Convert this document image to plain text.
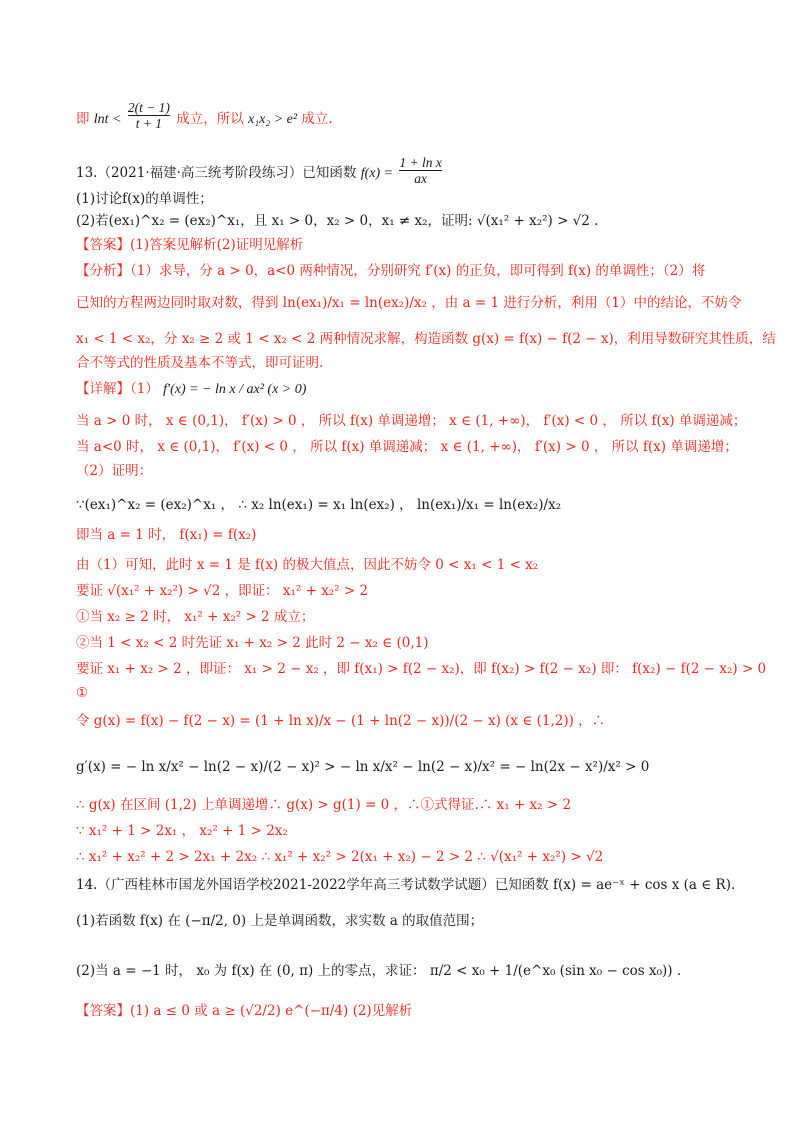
即 $\ln t < \frac{2(t - 1)}{t + 1}$ 成立，所以 x₁x₂ > e² 成立.
13.（2021·福建·高三统考阶段练习）已知函数 $f(x) = \frac{\text{1 + ln x}}{ax}$
(1)讨论f(x)的单调性；
(2)若(ex₁)^x₂ = (ex₂)^x₁，且 x₁ > 0，x₂ > 0，x₁ ≠ x₂，证明: √(x₁² + x₂²) > √2 .
【答案】(1)答案见解析(2)证明见解析
【分析】（1）求导，分 a > 0，a<0 两种情况，分别研究 f′(x) 的正负，即可得到 f(x) 的单调性；（2）将
已知的方程两边同时取对数，得到 ln(ex₁)/x₁ = ln(ex₂)/x₂ ，由 a = 1 进行分析，利用（1）中的结论，不妨令
x₁ < 1 < x₂，分 x₂ ≥ 2 或 1 < x₂ < 2 两种情况求解，构造函数 g(x) = f(x) − f(2 − x)，利用导数研究其性质，结
合不等式的性质及基本不等式，即可证明.
【详解】（1） f′(x) = − ln x / ax² (x > 0)
当 a > 0 时， x ∈ (0,1)， f′(x) > 0 ， 所以 f(x) 单调递增； x ∈ (1, +∞)， f′(x) < 0 ， 所以 f(x) 单调递减；
当 a<0 时， x ∈ (0,1)， f′(x) < 0 ， 所以 f(x) 单调递减； x ∈ (1, +∞)， f′(x) > 0 ， 所以 f(x) 单调递增；
（2）证明：
∵(ex₁)^x₂ = (ex₂)^x₁ ， ∴ x₂ ln(ex₁) = x₁ ln(ex₂) ， ln(ex₁)/x₁ = ln(ex₂)/x₂
即当 a = 1 时， f(x₁) = f(x₂)
由（1）可知，此时 x = 1 是 f(x) 的极大值点，因此不妨令 0 < x₁ < 1 < x₂
要证 √(x₁² + x₂²) > √2 ，即证： x₁² + x₂² > 2
①当 x₂ ≥ 2 时， x₁² + x₂² > 2 成立；
②当 1 < x₂ < 2 时先证 x₁ + x₂ > 2 此时 2 − x₂ ∈ (0,1)
要证 x₁ + x₂ > 2 ，即证： x₁ > 2 − x₂ ，即 f(x₁) > f(2 − x₂)，即 f(x₂) > f(2 − x₂) 即： f(x₂) − f(2 − x₂) > 0
①
令 g(x) = f(x) − f(2 − x) = (1 + ln x)/x − (1 + ln(2 − x))/(2 − x) (x ∈ (1,2)) ，∴
g′(x) = − ln x/x² − ln(2 − x)/(2 − x)² > − ln x/x² − ln(2 − x)/x² = − ln(2x − x²)/x² > 0
∴ g(x) 在区间 (1,2) 上单调递增∴ g(x) > g(1) = 0 ，∴①式得证.∴ x₁ + x₂ > 2
∵ x₁² + 1 > 2x₁ ， x₂² + 1 > 2x₂
∴ x₁² + x₂² + 2 > 2x₁ + 2x₂ ∴ x₁² + x₂² > 2(x₁ + x₂) − 2 > 2 ∴ √(x₁² + x₂²) > √2
14.（广西桂林市国龙外国语学校2021-2022学年高三考试数学试题）已知函数 f(x) = ae⁻ˣ + cos x (a ∈ R).
(1)若函数 f(x) 在 (−π/2, 0) 上是单调函数，求实数 a 的取值范围；
(2)当 a = −1 时， x₀ 为 f(x) 在 (0, π) 上的零点，求证： π/2 < x₀ + 1/(e^x₀ (sin x₀ − cos x₀)) .
【答案】(1) a ≤ 0 或 a ≥ (√2/2) e^(−π/4) (2)见解析
